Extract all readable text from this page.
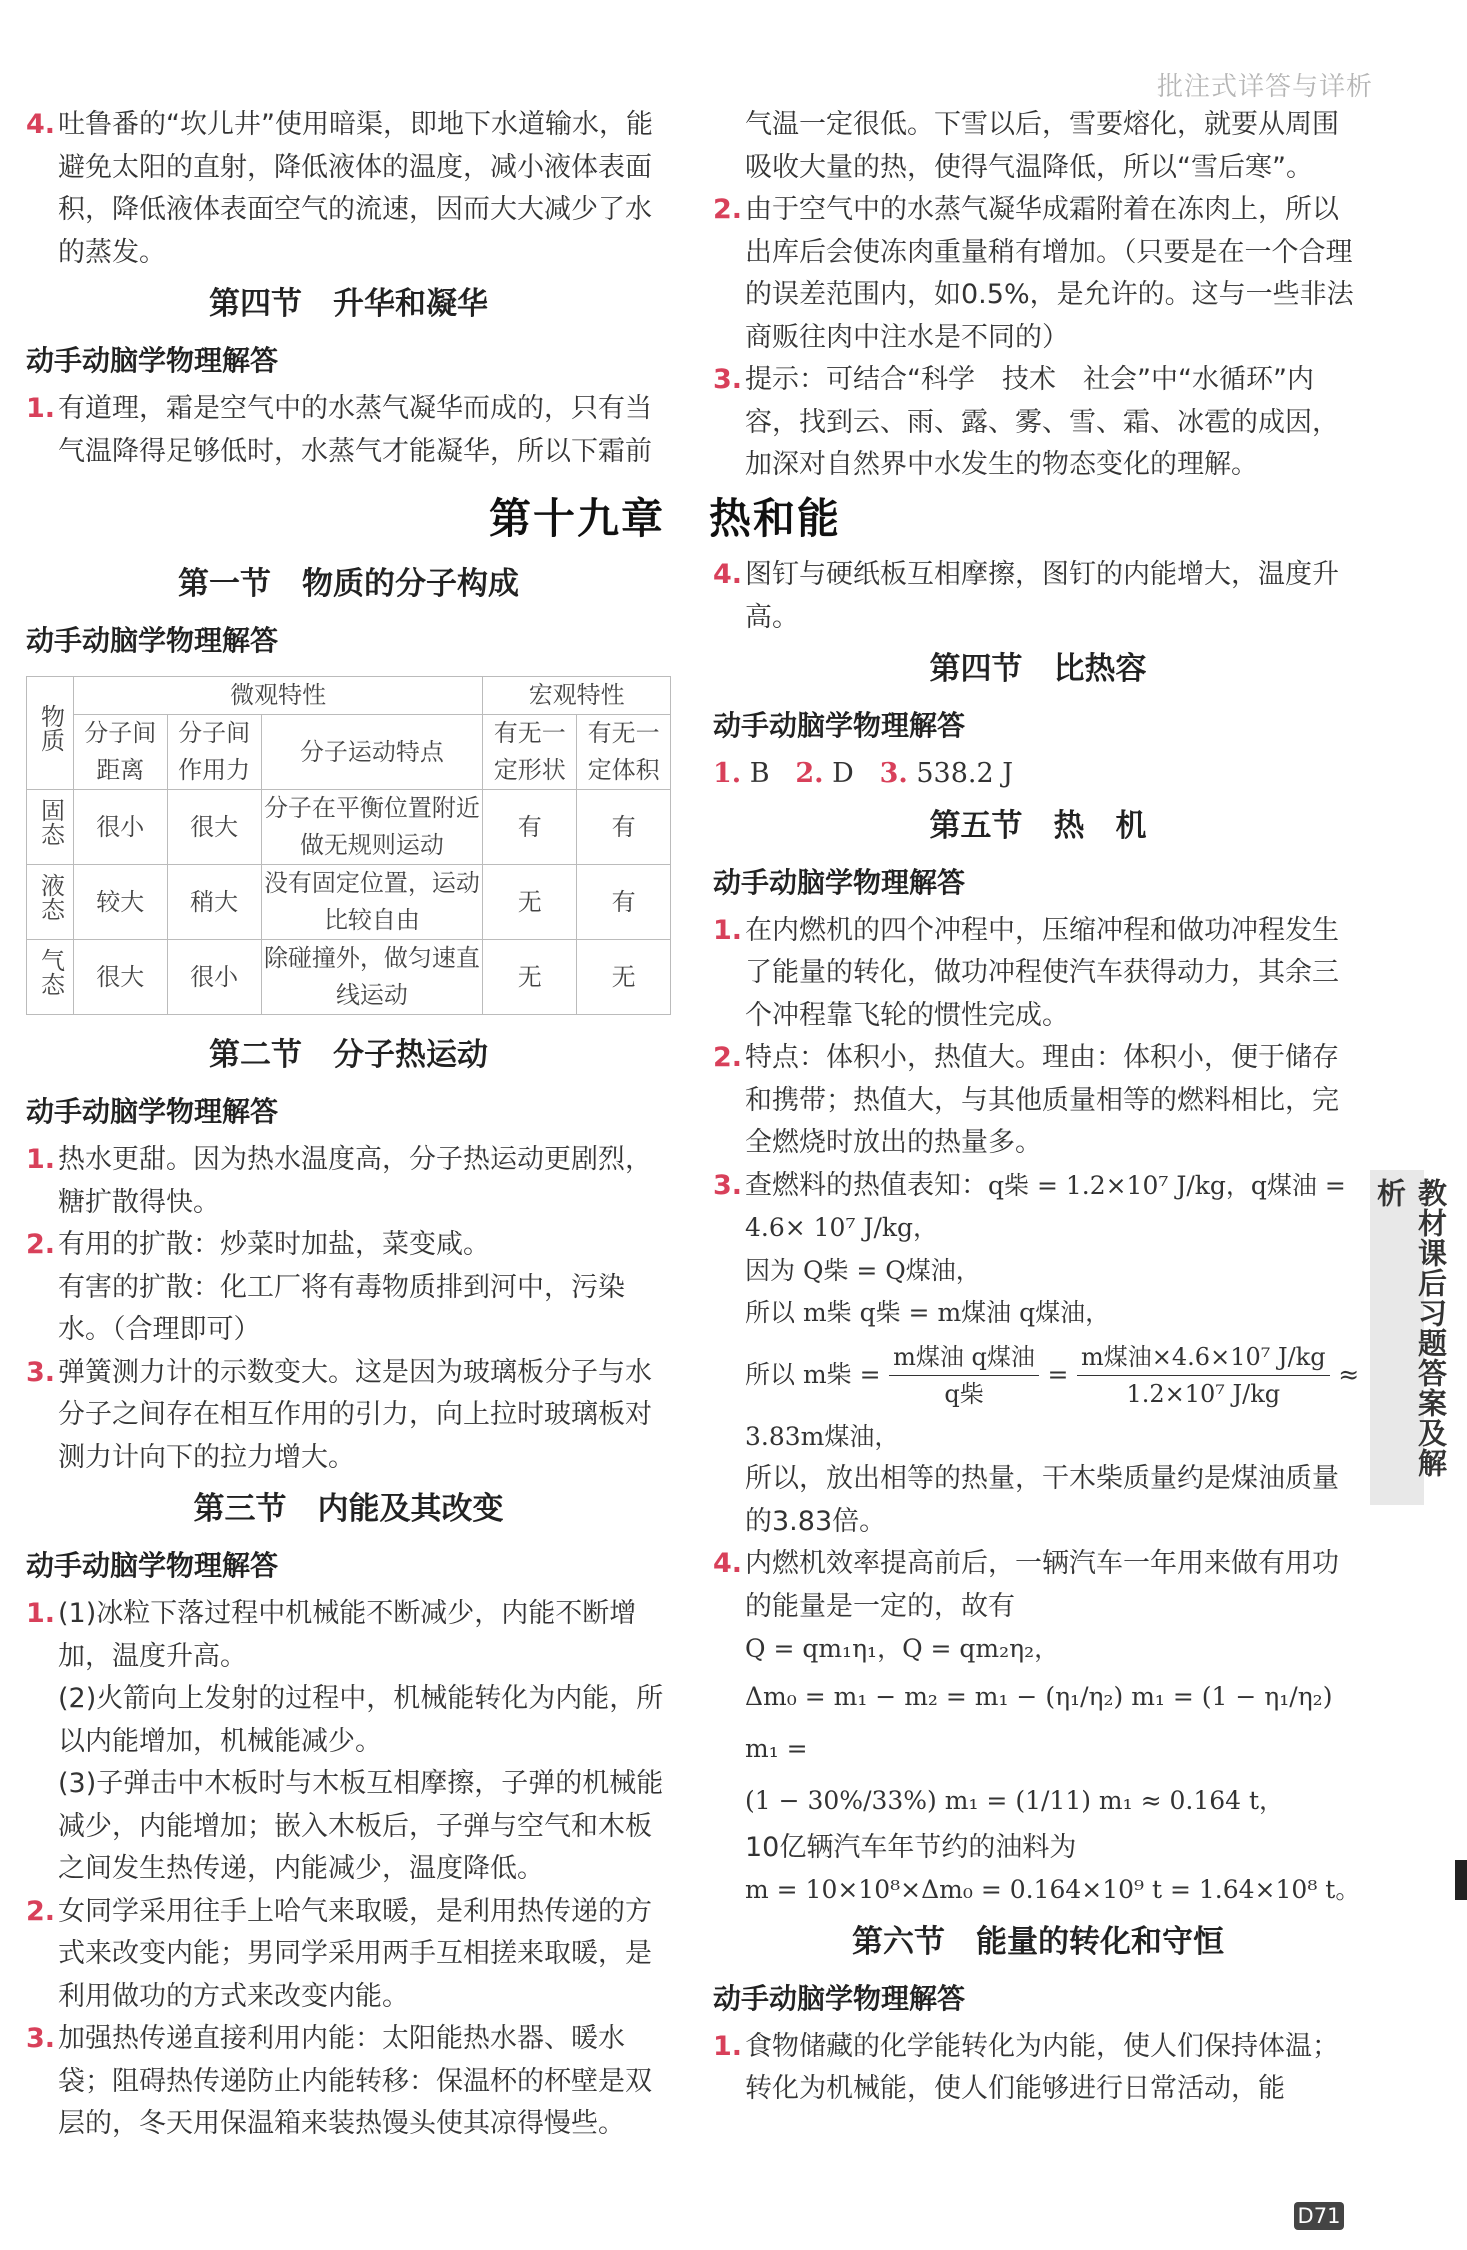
批注式详答与详析
4. 吐鲁番的“坎儿井”使用暗渠，即地下水道输水，能避免太阳的直射，降低液体的温度，减小液体表面积，降低液体表面空气的流速，因而大大减少了水的蒸发。
第四节　升华和凝华
动手动脑学物理解答
1. 有道理，霜是空气中的水蒸气凝华而成的，只有当气温降得足够低时，水蒸气才能凝华，所以下霜前
气温一定很低。下雪以后，雪要熔化，就要从周围吸收大量的热，使得气温降低，所以“雪后寒”。
2. 由于空气中的水蒸气凝华成霜附着在冻肉上，所以出库后会使冻肉重量稍有增加。（只要是在一个合理的误差范围内，如0.5%，是允许的。这与一些非法商贩往肉中注水是不同的）
3. 提示：可结合“科学　技术　社会”中“水循环”内容，找到云、雨、露、雾、雪、霜、冰雹的成因，加深对自然界中水发生的物态变化的理解。
第十九章　热和能
第一节　物质的分子构成
动手动脑学物理解答
物质	微观特性			宏观特性	
	分子间距离	分子间作用力	分子运动特点	有无一定形状	有无一定体积
固态	很小	很大	分子在平衡位置附近做无规则运动	有	有
液态	较大	稍大	没有固定位置，运动比较自由	无	有
气态	很大	很小	除碰撞外，做匀速直线运动	无	无
第二节　分子热运动
动手动脑学物理解答
1. 热水更甜。因为热水温度高，分子热运动更剧烈，糖扩散得快。
2. 有用的扩散：炒菜时加盐，菜变咸。
有害的扩散：化工厂将有毒物质排到河中，污染水。（合理即可）
3. 弹簧测力计的示数变大。这是因为玻璃板分子与水分子之间存在相互作用的引力，向上拉时玻璃板对测力计向下的拉力增大。
第三节　内能及其改变
动手动脑学物理解答
1. (1)冰粒下落过程中机械能不断减少，内能不断增加，温度升高。
(2)火箭向上发射的过程中，机械能转化为内能，所以内能增加，机械能减少。
(3)子弹击中木板时与木板互相摩擦，子弹的机械能减少，内能增加；嵌入木板后，子弹与空气和木板之间发生热传递，内能减少，温度降低。
2. 女同学采用往手上哈气来取暖，是利用热传递的方式来改变内能；男同学采用两手互相搓来取暖，是利用做功的方式来改变内能。
3. 加强热传递直接利用内能：太阳能热水器、暖水袋；阻碍热传递防止内能转移：保温杯的杯壁是双层的，冬天用保温箱来装热馒头使其凉得慢些。
4. 图钉与硬纸板互相摩擦，图钉的内能增大，温度升高。
第四节　比热容
动手动脑学物理解答
1. B 2. D 3. 538.2 J
第五节　热　机
动手动脑学物理解答
1. 在内燃机的四个冲程中，压缩冲程和做功冲程发生了能量的转化，做功冲程使汽车获得动力，其余三个冲程靠飞轮的惯性完成。
2. 特点：体积小，热值大。理由：体积小，便于储存和携带；热值大，与其他质量相等的燃料相比，完全燃烧时放出的热量多。
3. 查燃料的热值表知：q柴 = 1.2×10⁷ J/kg，q煤油 = 4.6× 10⁷ J/kg，
因为 Q柴 = Q煤油，
所以 m柴 q柴 = m煤油 q煤油，

所以 m柴 = $\frac{\text{m煤油 q煤油}}{\text{q柴}} = \frac{\text{m煤油×4.6×10⁷ J/kg}}{\text{1.2×10⁷ J/kg}}$ ≈
3.83m煤油，
所以，放出相等的热量，干木柴质量约是煤油质量的3.83倍。
4. 内燃机效率提高前后，一辆汽车一年用来做有用功的能量是一定的，故有
Q = qm₁η₁，Q = qm₂η₂，

Δm₀ = m₁ − m₂ = m₁ − (η₁/η₂) m₁ = (1 − η₁/η₂) m₁ =
(1 − 30%/33%) m₁ = (1/11) m₁ ≈ 0.164 t，
10亿辆汽车年节约的油料为
m = 10×10⁸×Δm₀ = 0.164×10⁹ t = 1.64×10⁸ t。
第六节　能量的转化和守恒
动手动脑学物理解答
1. 食物储藏的化学能转化为内能，使人们保持体温；转化为机械能，使人们能够进行日常活动，能
教材课后习题答案及解析
D71
